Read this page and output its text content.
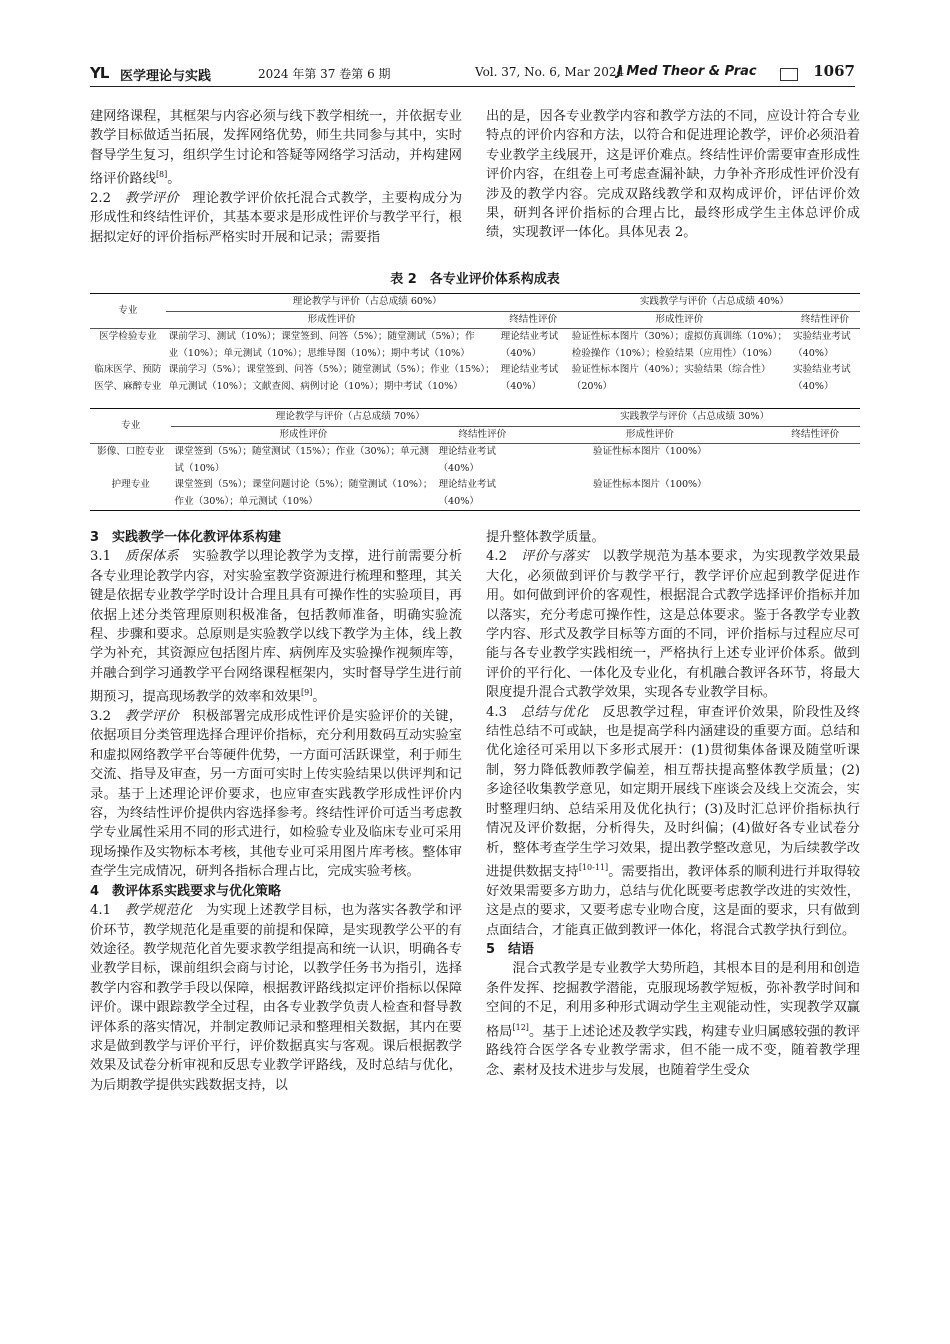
YL 医学理论与实践	2024 年第 37 卷第 6 期	Vol. 37, No. 6, Mar 2024
J Med Theor & Prac	1067

建网络课程，其框架与内容必须与线下教学相统一，并依据专业教学目标做适当拓展，发挥网络优势，师生共同参与其中，实时督导学生复习，组织学生讨论和答疑等网络学习活动，并构建网络评价路线[8]。

2.2　 教学评价　 理论教学评价依托混合式教学，主要构成分为形成性和终结性评价，其基本要求是形成性评价与教学平行，根据拟定好的评价指标严格实时开展和记录；需要指

出的是，因各专业教学内容和教学方法的不同，应设计符合专业特点的评价内容和方法，以符合和促进理论教学，评价必须沿着专业教学主线展开，这是评价难点。终结性评价需要审查形成性评价内容，在组卷上可考虑查漏补缺，力争补齐形成性评价没有涉及的教学内容。完成双路线教学和双构成评价，评估评价效果，研判各评价指标的合理占比，最终形成学生主体总评价成绩，实现教评一体化。具体见表 2。

表 2　各专业评价体系构成表
专业	理论教学与评价（占总成绩 60%）		实践教学与评价（占总成绩 40%）	
	形成性评价	终结性评价	形成性评价	终结性评价
医学检验专业	课前学习、测试（10%）；课堂签到、问答（5%）；随堂测试（5%）；作
业（10%）；单元测试（10%）；思维导图（10%）；期中考试（10%）	理论结业考试
（40%）	验证性标本图片（30%）；虚拟仿真训练（10%）；
检验操作（10%）；检验结果（应用性）（10%）	实验结业考试
（40%）
临床医学、预防
医学、麻醉专业	课前学习（5%）；课堂签到、问答（5%）；随堂测试（5%）；作业（15%）；
单元测试（10%）；文献查阅、病例讨论（10%）；期中考试（10%）	理论结业考试
（40%）	验证性标本图片（40%）；实验结果（综合性）
（20%）	实验结业考试
（40%）
专业	理论教学与评价（占总成绩 70%）		实践教学与评价（占总成绩 30%）	
	形成性评价	终结性评价	形成性评价	终结性评价
影像、口腔专业	课堂签到（5%）；随堂测试（15%）；作业（30%）；单元测
试（10%）	理论结业考试
（40%）	验证性标本图片（100%）	
护理专业	课堂签到（5%）；课堂问题讨论（5%）；随堂测试（10%）；
作业（30%）；单元测试（10%）	理论结业考试
（40%）	验证性标本图片（100%）	

3　实践教学一体化教评体系构建

3.1　 质保体系　 实验教学以理论教学为支撑，进行前需要分析各专业理论教学内容，对实验室教学资源进行梳理和整理，其关键是依据专业教学学时设计合理且具有可操作性的实验项目，再依据上述分类管理原则积极准备，包括教师准备，明确实验流程、步骤和要求。总原则是实验教学以线下教学为主体，线上教学为补充，其资源应包括图片库、病例库及实验操作视频库等，并融合到学习通教学平台网络课程框架内，实时督导学生进行前期预习，提高现场教学的效率和效果[9]。

3.2　 教学评价　 积极部署完成形成性评价是实验评价的关键，依据项目分类管理选择合理评价指标，充分利用数码互动实验室和虚拟网络教学平台等硬件优势，一方面可活跃课堂，利于师生交流、指导及审查，另一方面可实时上传实验结果以供评判和记录。基于上述理论评价要求，也应审查实践教学形成性评价内容，为终结性评价提供内容选择参考。终结性评价可适当考虑教学专业属性采用不同的形式进行，如检验专业及临床专业可采用现场操作及实物标本考核，其他专业可采用图片库考核。整体审查学生完成情况，研判各指标合理占比，完成实验考核。

4　教评体系实践要求与优化策略

4.1　 教学规范化　 为实现上述教学目标，也为落实各教学和评价环节，教学规范化是重要的前提和保障，是实现教学公平的有效途径。教学规范化首先要求教学组提高和统一认识，明确各专业教学目标，课前组织会商与讨论，以教学任务书为指引，选择教学内容和教学手段以保障，根据教评路线拟定评价指标以保障评价。课中跟踪教学全过程，由各专业教学负责人检查和督导教评体系的落实情况，并制定教师记录和整理相关数据，其内在要求是做到教学与评价平行，评价数据真实与客观。课后根据教学效果及试卷分析审视和反思专业教学评路线，及时总结与优化，为后期教学提供实践数据支持，以

提升整体教学质量。

4.2　 评价与落实　 以教学规范为基本要求，为实现教学效果最大化，必须做到评价与教学平行，教学评价应起到教学促进作用。如何做到评价的客观性，根据混合式教学选择评价指标并加以落实，充分考虑可操作性，这是总体要求。鉴于各教学专业教学内容、形式及教学目标等方面的不同，评价指标与过程应尽可能与各专业教学实践相统一，严格执行上述专业评价体系。做到评价的平行化、一体化及专业化，有机融合教评各环节，将最大限度提升混合式教学效果，实现各专业教学目标。

4.3　 总结与优化　 反思教学过程，审查评价效果，阶段性及终结性总结不可或缺，也是提高学科内涵建设的重要方面。总结和优化途径可采用以下多形式展开：(1)贯彻集体备课及随堂听课制，努力降低教师教学偏差，相互帮扶提高整体教学质量；(2)多途径收集教学意见，如定期开展线下座谈会及线上交流会，实时整理归纳、总结采用及优化执行；(3)及时汇总评价指标执行情况及评价数据，分析得失，及时纠偏；(4)做好各专业试卷分析，整体考查学生学习效果，提出教学整改意见，为后续教学改进提供数据支持[10-11]。需要指出，教评体系的顺利进行并取得较好效果需要多方助力，总结与优化既要考虑教学改进的实效性，这是点的要求，又要考虑专业吻合度，这是面的要求，只有做到点面结合，才能真正做到教评一体化，将混合式教学执行到位。

5　结语

混合式教学是专业教学大势所趋，其根本目的是利用和创造条件发挥、挖掘教学潜能，克服现场教学短板，弥补教学时间和空间的不足，利用多种形式调动学生主观能动性，实现教学双赢格局[12]。基于上述论述及教学实践，构建专业归属感较强的教评路线符合医学各专业教学需求，但不能一成不变，随着教学理念、素材及技术进步与发展，也随着学生受众
